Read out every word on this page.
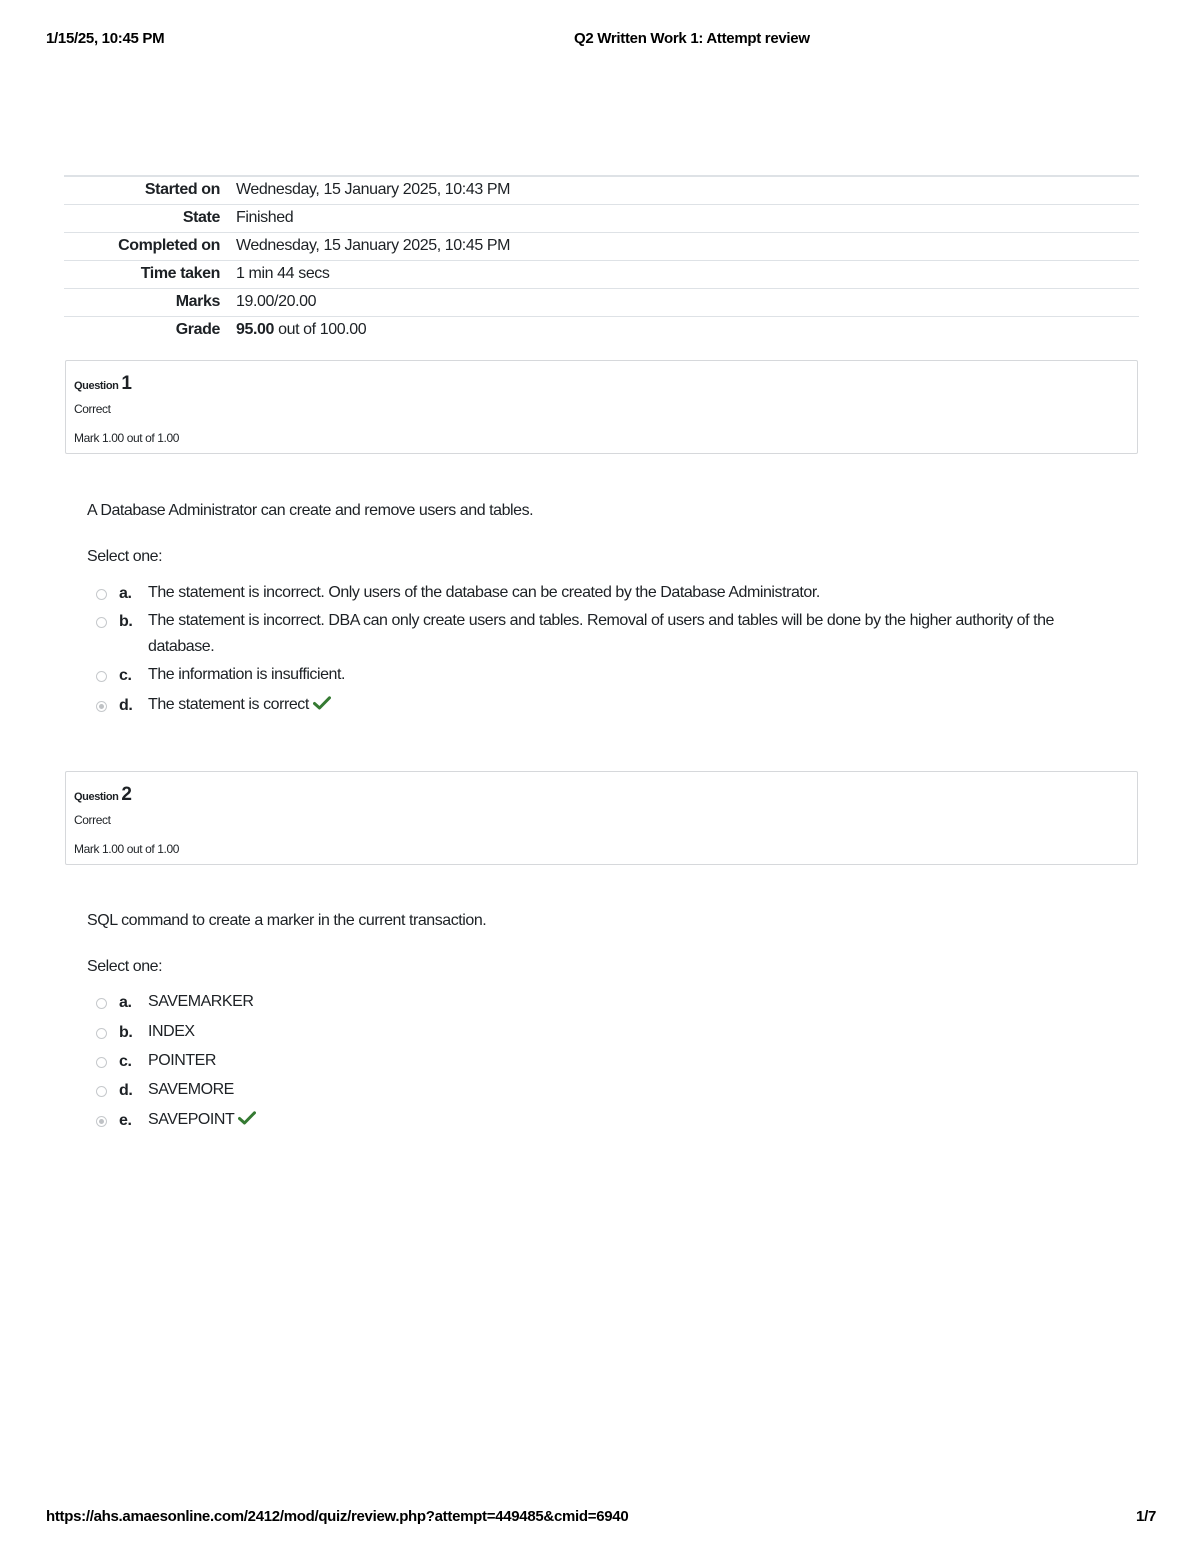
1/15/25, 10:45 PM	Q2 Written Work 1: Attempt review
Started on	Wednesday, 15 January 2025, 10:43 PM
State	Finished
Completed on	Wednesday, 15 January 2025, 10:45 PM
Time taken	1 min 44 secs
Marks	19.00/20.00
Grade	95.00 out of 100.00
Question 1
Correct
Mark 1.00 out of 1.00
A Database Administrator can create and remove users and tables.
Select one:
a. The statement is incorrect. Only users of the database can be created by the Database Administrator.
b. The statement is incorrect. DBA can only create users and tables. Removal of users and tables will be done by the higher authority of the database.
c. The information is insufficient.
d. The statement is correct
Question 2
Correct
Mark 1.00 out of 1.00
SQL command to create a marker in the current transaction.
Select one:
a. SAVEMARKER
b. INDEX
c. POINTER
d. SAVEMORE
e. SAVEPOINT
https://ahs.amaesonline.com/2412/mod/quiz/review.php?attempt=449485&cmid=6940	1/7
